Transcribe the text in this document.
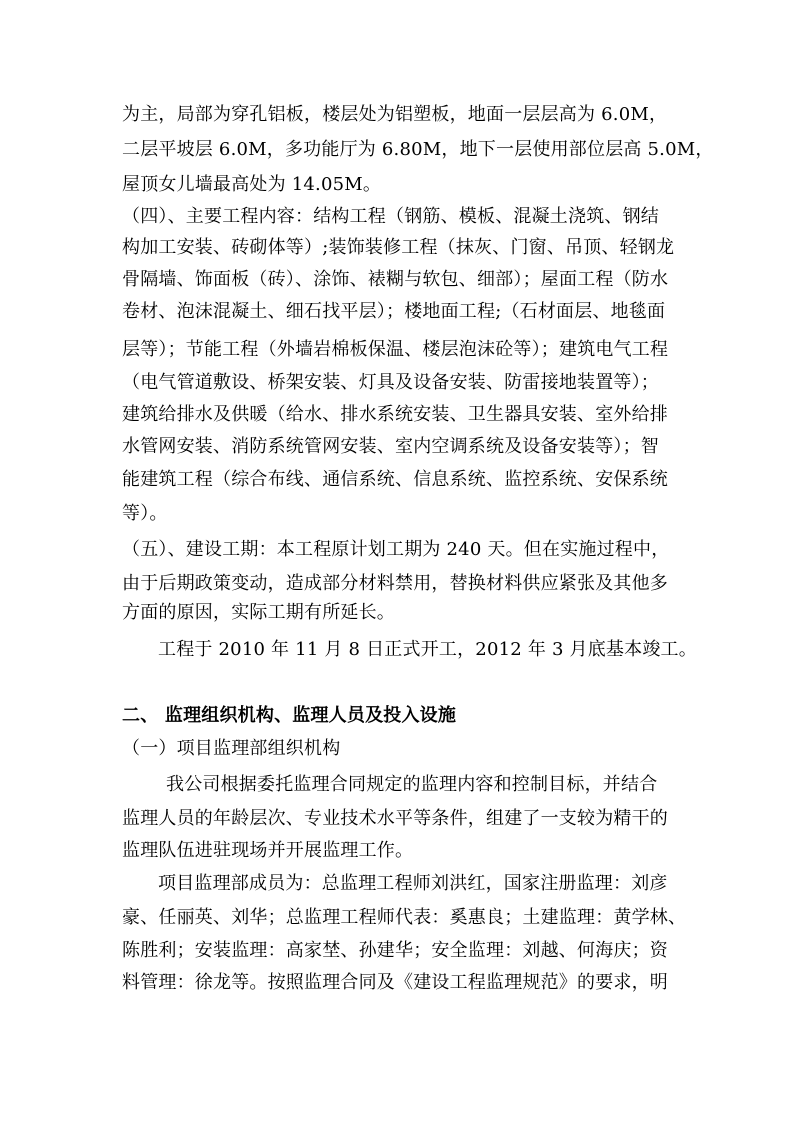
为主，局部为穿孔铝板，楼层处为铝塑板，地面一层层高为 6.0M，
二层平坡层 6.0M，多功能厅为 6.80M，地下一层使用部位层高 5.0M，
屋顶女儿墙最高处为 14.05M。
（四）、主要工程内容：结构工程（钢筋、模板、混凝土浇筑、钢结
构加工安装、砖砌体等）;装饰装修工程（抹灰、门窗、吊顶、轻钢龙
骨隔墙、饰面板（砖）、涂饰、裱糊与软包、细部）；屋面工程（防水
卷材、泡沫混凝土、细石找平层）；楼地面工程;（石材面层、地毯面
层等）；节能工程（外墙岩棉板保温、楼层泡沫砼等）；建筑电气工程
（电气管道敷设、桥架安装、灯具及设备安装、防雷接地装置等）；
建筑给排水及供暖（给水、排水系统安装、卫生器具安装、室外给排
水管网安装、消防系统管网安装、室内空调系统及设备安装等）；智
能建筑工程（综合布线、通信系统、信息系统、监控系统、安保系统
等）。
（五）、建设工期：本工程原计划工期为 240 天。但在实施过程中，
由于后期政策变动，造成部分材料禁用，替换材料供应紧张及其他多
方面的原因，实际工期有所延长。
工程于 2010 年 11 月 8 日正式开工，2012 年 3 月底基本竣工。
二、 监理组织机构、监理人员及投入设施
（一）项目监理部组织机构
我公司根据委托监理合同规定的监理内容和控制目标，并结合
监理人员的年龄层次、专业技术水平等条件，组建了一支较为精干的
监理队伍进驻现场并开展监理工作。
项目监理部成员为：总监理工程师刘洪红，国家注册监理：刘彦
豪、任丽英、刘华；总监理工程师代表：奚惠良；土建监理：黄学林、
陈胜利；安装监理：高家埜、孙建华；安全监理：刘越、何海庆；资
料管理：徐龙等。按照监理合同及《建设工程监理规范》的要求，明
